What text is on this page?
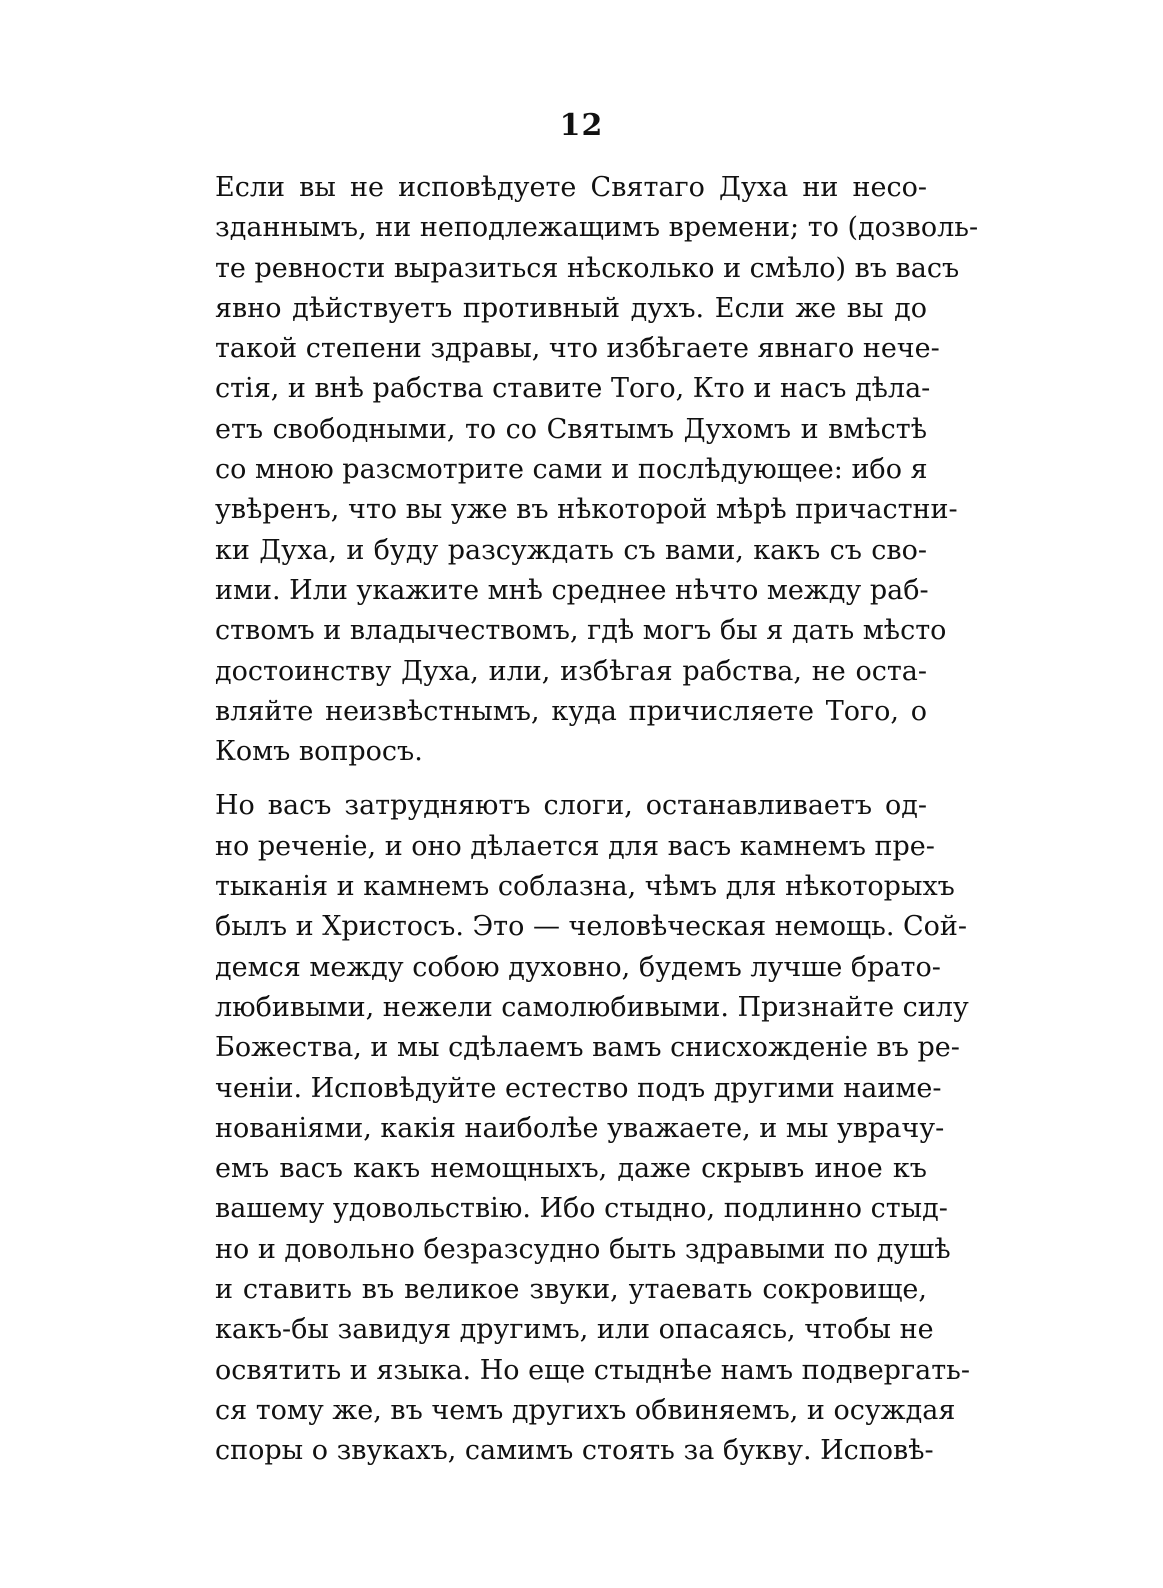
12
Если вы не исповѣдуете Святаго Духа ни несо-
зданнымъ, ни неподлежащимъ времени; то (дозволь-
те ревности выразиться нѣсколько и смѣло) въ васъ
явно дѣйствуетъ противный духъ. Если же вы до
такой степени здравы, что избѣгаете явнаго нече-
стія, и внѣ рабства ставите Того, Кто и насъ дѣла-
етъ свободными, то со Святымъ Духомъ и вмѣстѣ
со мною разсмотрите сами и послѣдующее: ибо я
увѣренъ, что вы уже въ нѣкоторой мѣрѣ причастни-
ки Духа, и буду разсуждать съ вами, какъ съ сво-
ими. Или укажите мнѣ среднее нѣчто между раб-
ствомъ и владычествомъ, гдѣ могъ бы я дать мѣсто
достоинству Духа, или, избѣгая рабства, не оста-
вляйте неизвѣстнымъ, куда причисляете Того, о
Комъ вопросъ.
Но васъ затрудняютъ слоги, останавливаетъ од-
но реченіе, и оно дѣлается для васъ камнемъ пре-
тыканія и камнемъ соблазна, чѣмъ для нѣкоторыхъ
былъ и Христосъ. Это — человѣческая немощь. Сой-
демся между собою духовно, будемъ лучше брато-
любивыми, нежели самолюбивыми. Признайте силу
Божества, и мы сдѣлаемъ вамъ снисхожденіе въ ре-
ченіи. Исповѣдуйте естество подъ другими наиме-
нованіями, какія наиболѣе уважаете, и мы уврачу-
емъ васъ какъ немощныхъ, даже скрывъ иное къ
вашему удовольствію. Ибо стыдно, подлинно стыд-
но и довольно безразсудно быть здравыми по душѣ
и ставить въ великое звуки, утаевать сокровище,
какъ-бы завидуя другимъ, или опасаясь, чтобы не
освятить и языка. Но еще стыднѣе намъ подвергать-
ся тому же, въ чемъ другихъ обвиняемъ, и осуждая
споры о звукахъ, самимъ стоять за букву. Исповѣ-
